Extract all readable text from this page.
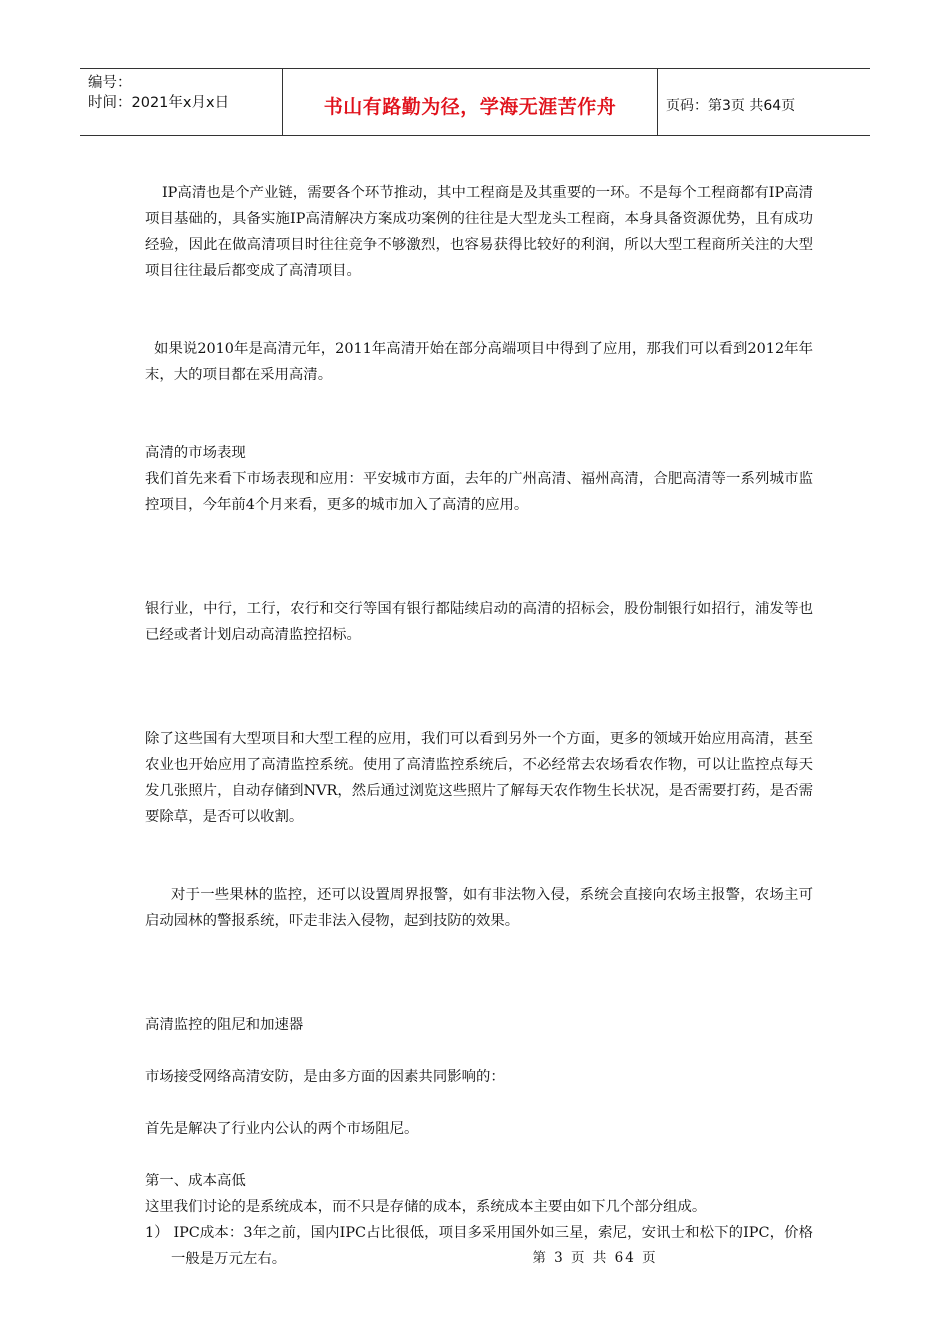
编号：
时间：2021年x月x日	书山有路勤为径，学海无涯苦作舟	页码：第3页 共64页

IP高清也是个产业链，需要各个环节推动，其中工程商是及其重要的一环。不是每个工程商都有IP高清项目基础的，具备实施IP高清解决方案成功案例的往往是大型龙头工程商，本身具备资源优势，且有成功经验，因此在做高清项目时往往竞争不够激烈，也容易获得比较好的利润，所以大型工程商所关注的大型项目往往最后都变成了高清项目。

如果说2010年是高清元年，2011年高清开始在部分高端项目中得到了应用，那我们可以看到2012年年末，大的项目都在采用高清。

高清的市场表现

我们首先来看下市场表现和应用：平安城市方面，去年的广州高清、福州高清，合肥高清等一系列城市监控项目，今年前4个月来看，更多的城市加入了高清的应用。

银行业，中行，工行，农行和交行等国有银行都陆续启动的高清的招标会，股份制银行如招行，浦发等也已经或者计划启动高清监控招标。

除了这些国有大型项目和大型工程的应用，我们可以看到另外一个方面，更多的领域开始应用高清，甚至农业也开始应用了高清监控系统。使用了高清监控系统后，不必经常去农场看农作物，可以让监控点每天发几张照片，自动存储到NVR，然后通过浏览这些照片了解每天农作物生长状况，是否需要打药，是否需要除草，是否可以收割。

对于一些果林的监控，还可以设置周界报警，如有非法物入侵，系统会直接向农场主报警，农场主可启动园林的警报系统，吓走非法入侵物，起到技防的效果。

高清监控的阻尼和加速器

市场接受网络高清安防，是由多方面的因素共同影响的：

首先是解决了行业内公认的两个市场阻尼。

第一、成本高低

这里我们讨论的是系统成本，而不只是存储的成本，系统成本主要由如下几个部分组成。

1） IPC成本：3年之前，国内IPC占比很低，项目多采用国外如三星，索尼，安讯士和松下的IPC，价格一般是万元左右。	第 3 页 共 64 页
